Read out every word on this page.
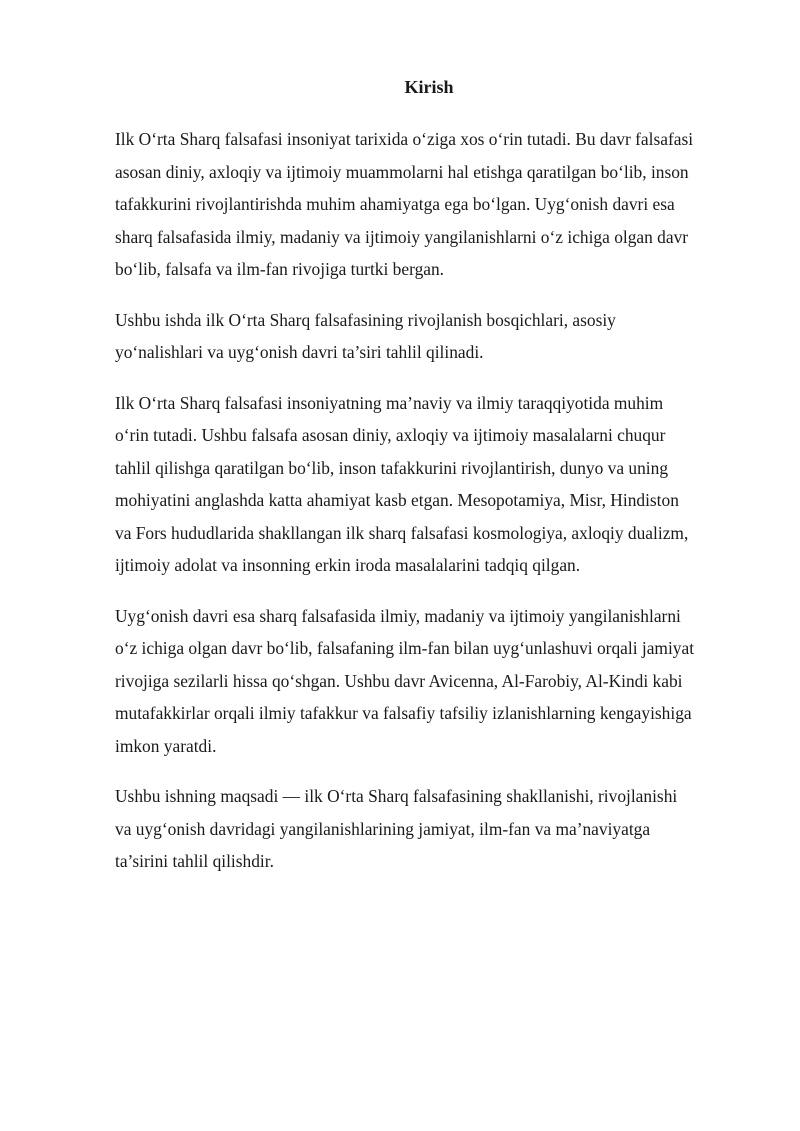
Kirish

Ilk O‘rta Sharq falsafasi insoniyat tarixida o‘ziga xos o‘rin tutadi. Bu davr falsafasi
asosan diniy, axloqiy va ijtimoiy muammolarni hal etishga qaratilgan bo‘lib, inson
tafakkurini rivojlantirishda muhim ahamiyatga ega bo‘lgan. Uyg‘onish davri esa
sharq falsafasida ilmiy, madaniy va ijtimoiy yangilanishlarni o‘z ichiga olgan davr
bo‘lib, falsafa va ilm-fan rivojiga turtki bergan.

Ushbu ishda ilk O‘rta Sharq falsafasining rivojlanish bosqichlari, asosiy
yo‘nalishlari va uyg‘onish davri ta’siri tahlil qilinadi.

Ilk O‘rta Sharq falsafasi insoniyatning ma’naviy va ilmiy taraqqiyotida muhim
o‘rin tutadi. Ushbu falsafa asosan diniy, axloqiy va ijtimoiy masalalarni chuqur
tahlil qilishga qaratilgan bo‘lib, inson tafakkurini rivojlantirish, dunyo va uning
mohiyatini anglashda katta ahamiyat kasb etgan. Mesopotamiya, Misr, Hindiston
va Fors hududlarida shakllangan ilk sharq falsafasi kosmologiya, axloqiy dualizm,
ijtimoiy adolat va insonning erkin iroda masalalarini tadqiq qilgan.

Uyg‘onish davri esa sharq falsafasida ilmiy, madaniy va ijtimoiy yangilanishlarni
o‘z ichiga olgan davr bo‘lib, falsafaning ilm-fan bilan uyg‘unlashuvi orqali jamiyat
rivojiga sezilarli hissa qo‘shgan. Ushbu davr Avicenna, Al-Farobiy, Al-Kindi kabi
mutafakkirlar orqali ilmiy tafakkur va falsafiy tafsiliy izlanishlarning kengayishiga
imkon yaratdi.

Ushbu ishning maqsadi — ilk O‘rta Sharq falsafasining shakllanishi, rivojlanishi
va uyg‘onish davridagi yangilanishlarining jamiyat, ilm-fan va ma’naviyatga
ta’sirini tahlil qilishdir.
